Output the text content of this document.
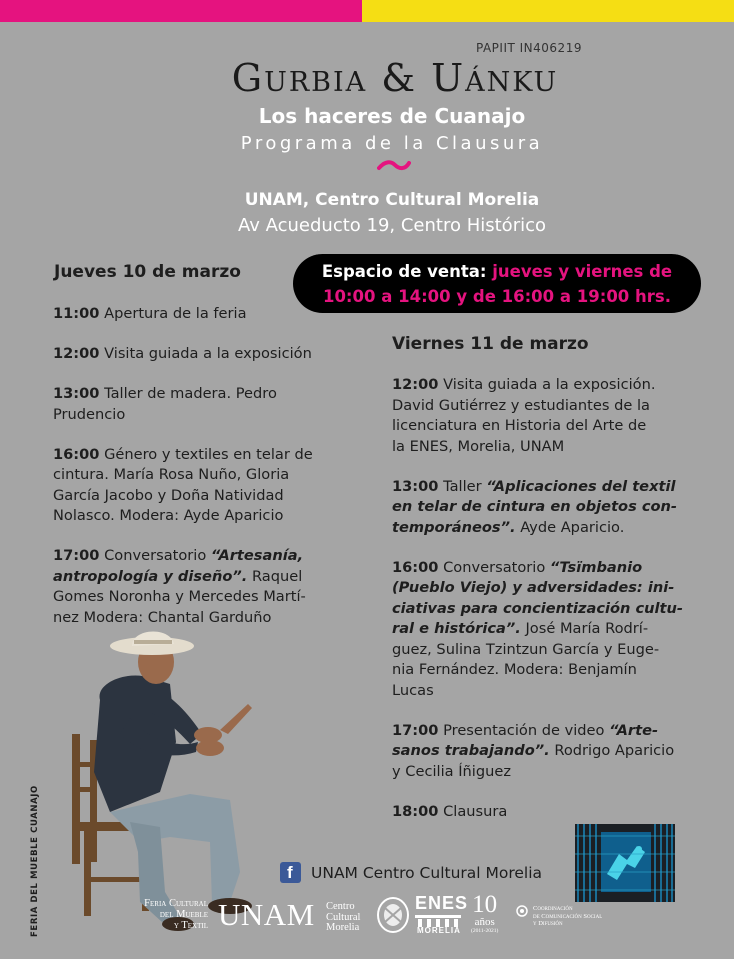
PAPIIT IN406219
Gurbia & Uánku
Los haceres de Cuanajo
Programa de la Clausura
UNAM, Centro Cultural Morelia
Av Acueducto 19, Centro Histórico
Jueves 10 de marzo	Espacio de venta: jueves y viernes de
10:00 a 14:00 y de 16:00 a 19:00 hrs.
11:00 Apertura de la feria
12:00 Visita guiada a la exposición
13:00 Taller de madera. Pedro
Prudencio
16:00 Género y textiles en telar de
cintura. María Rosa Nuño, Gloria
García Jacobo y Doña Natividad
Nolasco. Modera: Ayde Aparicio
17:00 Conversatorio “Artesanía,
antropología y diseño”. Raquel
Gomes Noronha y Mercedes Martí-
nez Modera: Chantal Garduño
Viernes 11 de marzo
12:00 Visita guiada a la exposición.
David Gutiérrez y estudiantes de la
licenciatura en Historia del Arte de
la ENES, Morelia, UNAM
13:00 Taller “Aplicaciones del textil
en telar de cintura en objetos con-
temporáneos”. Ayde Aparicio.
16:00 Conversatorio “Tsïmbanio
(Pueblo Viejo) y adversidades: ini-
ciativas para concientización cultu-
ral e histórica”. José María Rodrí-
guez, Sulina Tzintzun García y Euge-
nia Fernández. Modera: Benjamín
Lucas
17:00 Presentación de video “Arte-
sanos trabajando”. Rodrigo Aparicio
y Cecilia Íñiguez
18:00 Clausura
FERIA DEL MUEBLE CUANAJO	f UNAM Centro Cultural Morelia
Feria Cultural
del Mueble
y Textil UNAM Centro
Cultural
Morelia
ENES
MORELIA
10
años
(2011-2021)
Coordinación
de Comunicación Social
y Difusión
